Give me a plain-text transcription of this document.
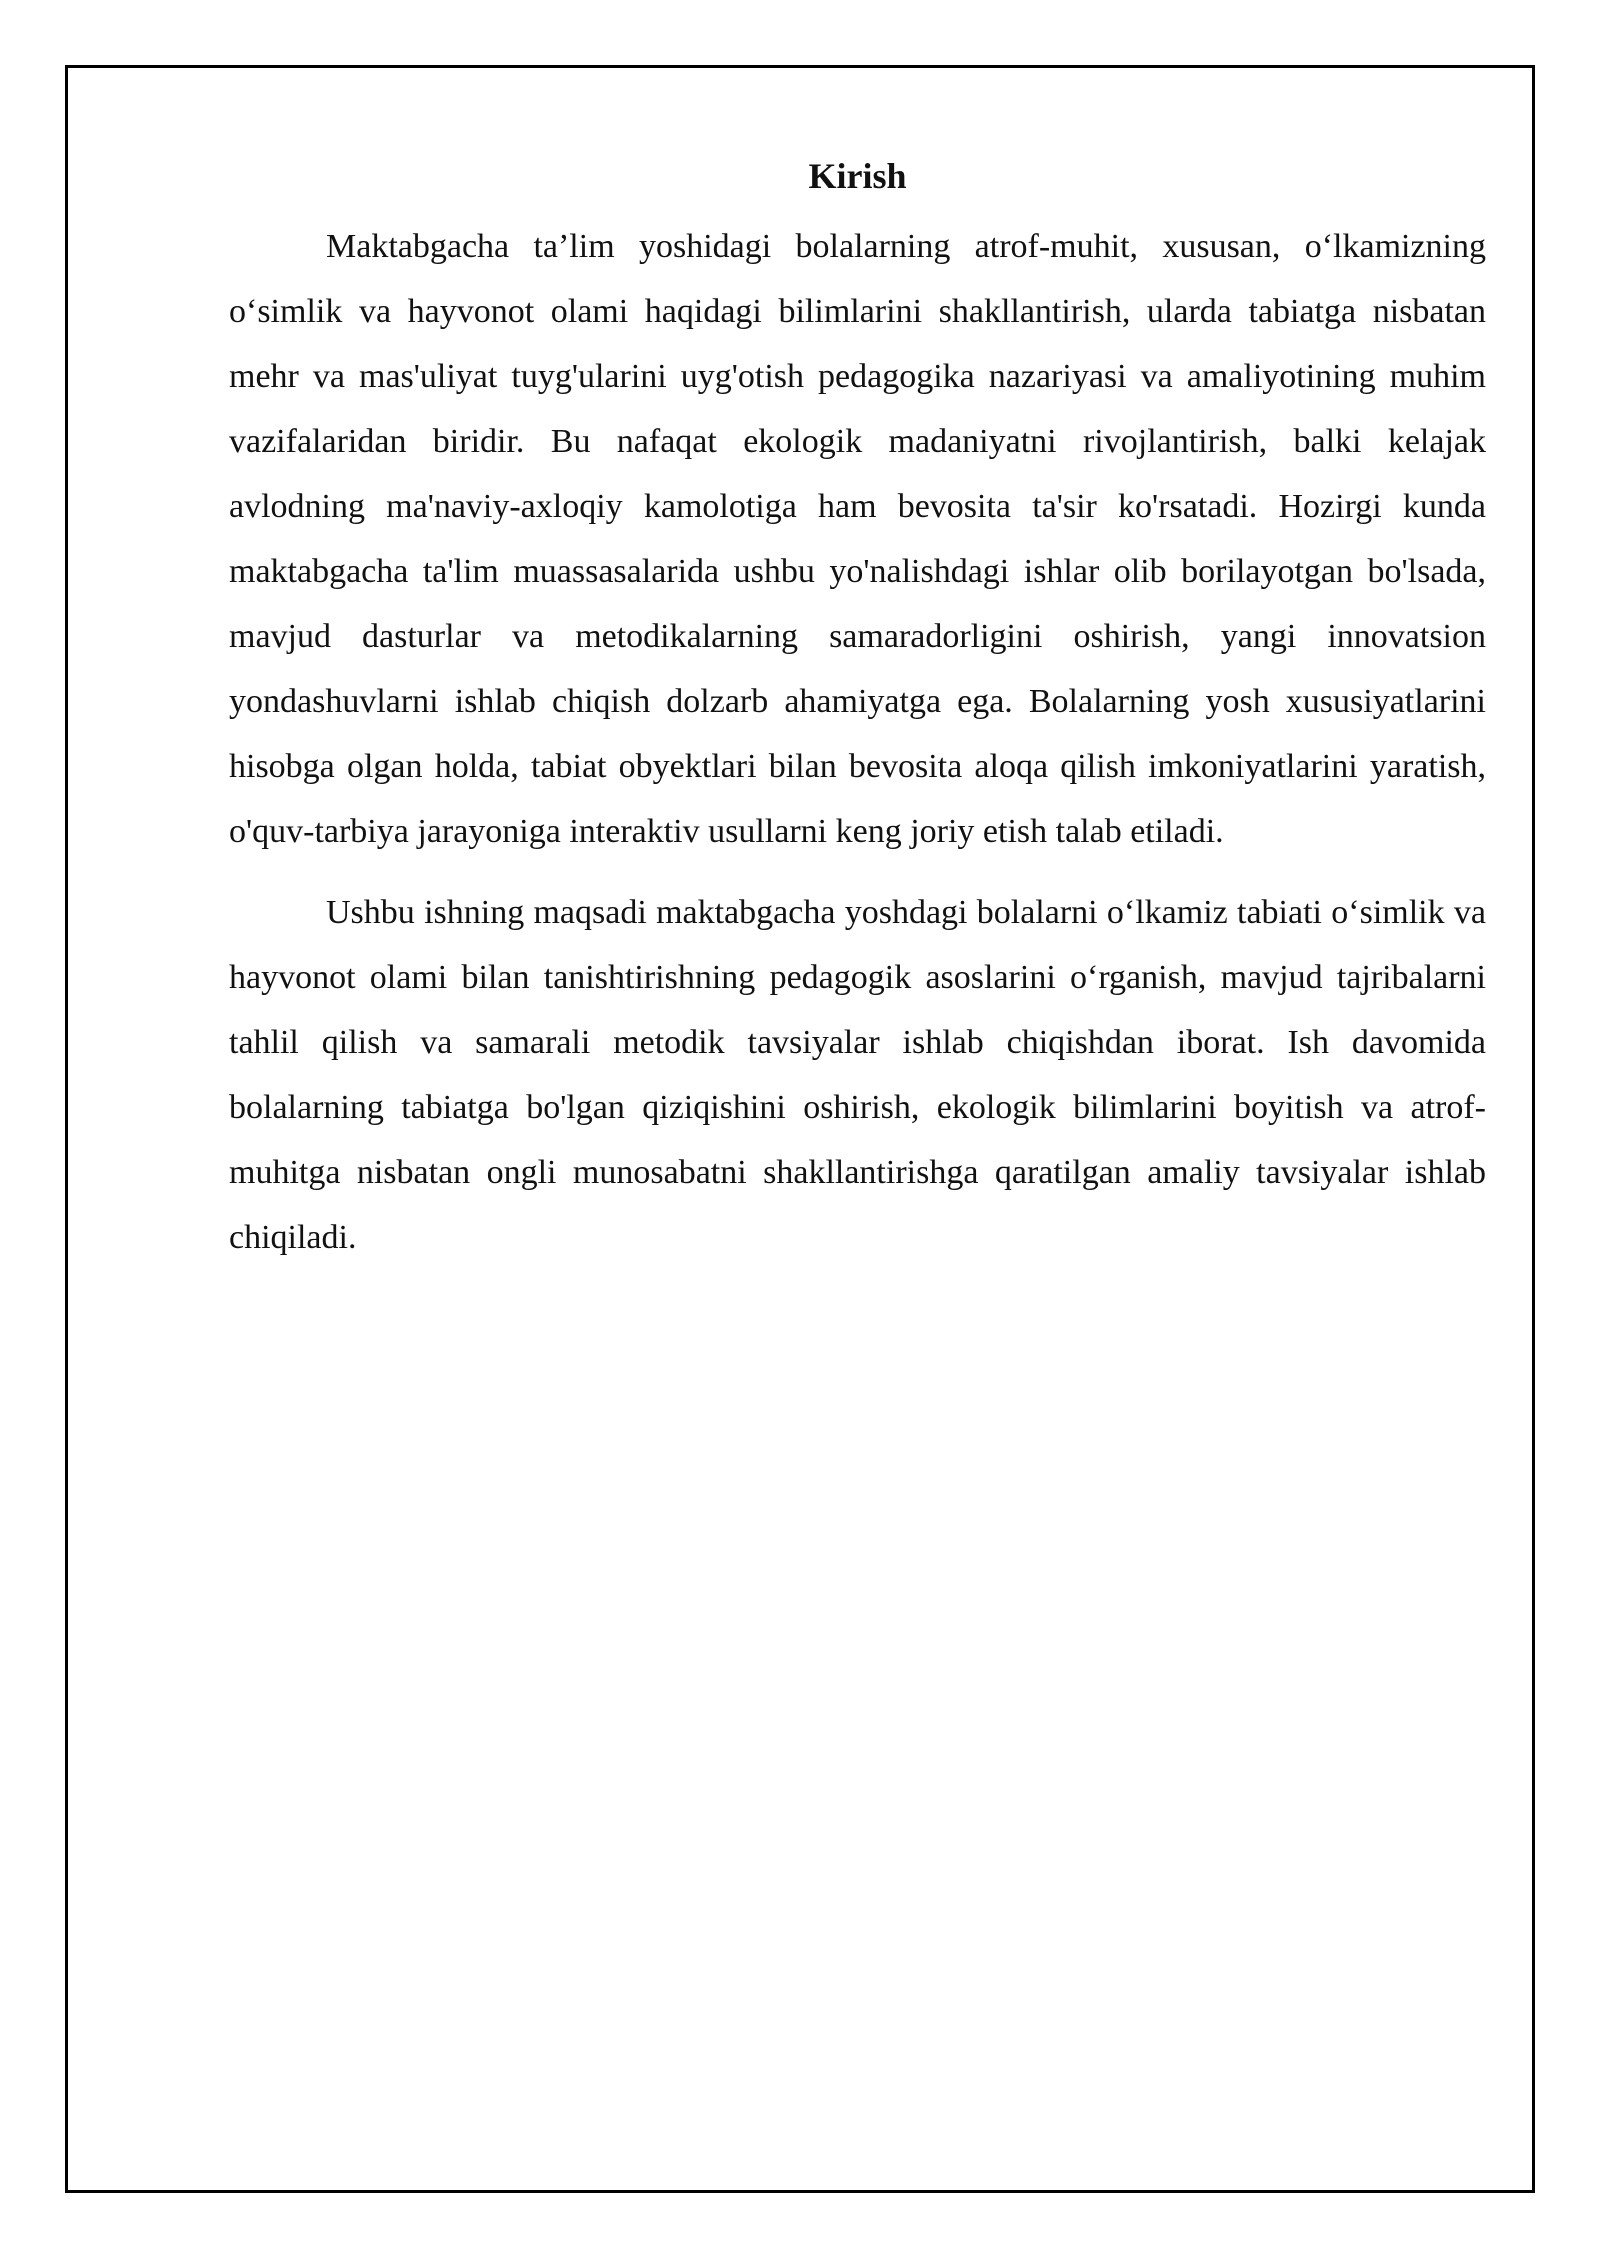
Kirish

Maktabgacha ta’lim yoshidagi bolalarning atrof-muhit, xususan, o‘lkamizning o‘simlik va hayvonot olami haqidagi bilimlarini shakllantirish, ularda tabiatga nisbatan mehr va mas'uliyat tuyg'ularini uyg'otish pedagogika nazariyasi va amaliyotining muhim vazifalaridan biridir. Bu nafaqat ekologik madaniyatni rivojlantirish, balki kelajak avlodning ma'naviy-axloqiy kamolotiga ham bevosita ta'sir ko'rsatadi. Hozirgi kunda maktabgacha ta'lim muassasalarida ushbu yo'nalishdagi ishlar olib borilayotgan bo'lsada, mavjud dasturlar va metodikalarning samaradorligini oshirish, yangi innovatsion yondashuvlarni ishlab chiqish dolzarb ahamiyatga ega. Bolalarning yosh xususiyatlarini hisobga olgan holda, tabiat obyektlari bilan bevosita aloqa qilish imkoniyatlarini yaratish, o'quv-tarbiya jarayoniga interaktiv usullarni keng joriy etish talab etiladi.

Ushbu ishning maqsadi maktabgacha yoshdagi bolalarni o‘lkamiz tabiati o‘simlik va hayvonot olami bilan tanishtirishning pedagogik asoslarini o‘rganish, mavjud tajribalarni tahlil qilish va samarali metodik tavsiyalar ishlab chiqishdan iborat. Ish davomida bolalarning tabiatga bo'lgan qiziqishini oshirish, ekologik bilimlarini boyitish va atrof-muhitga nisbatan ongli munosabatni shakllantirishga qaratilgan amaliy tavsiyalar ishlab chiqiladi.
